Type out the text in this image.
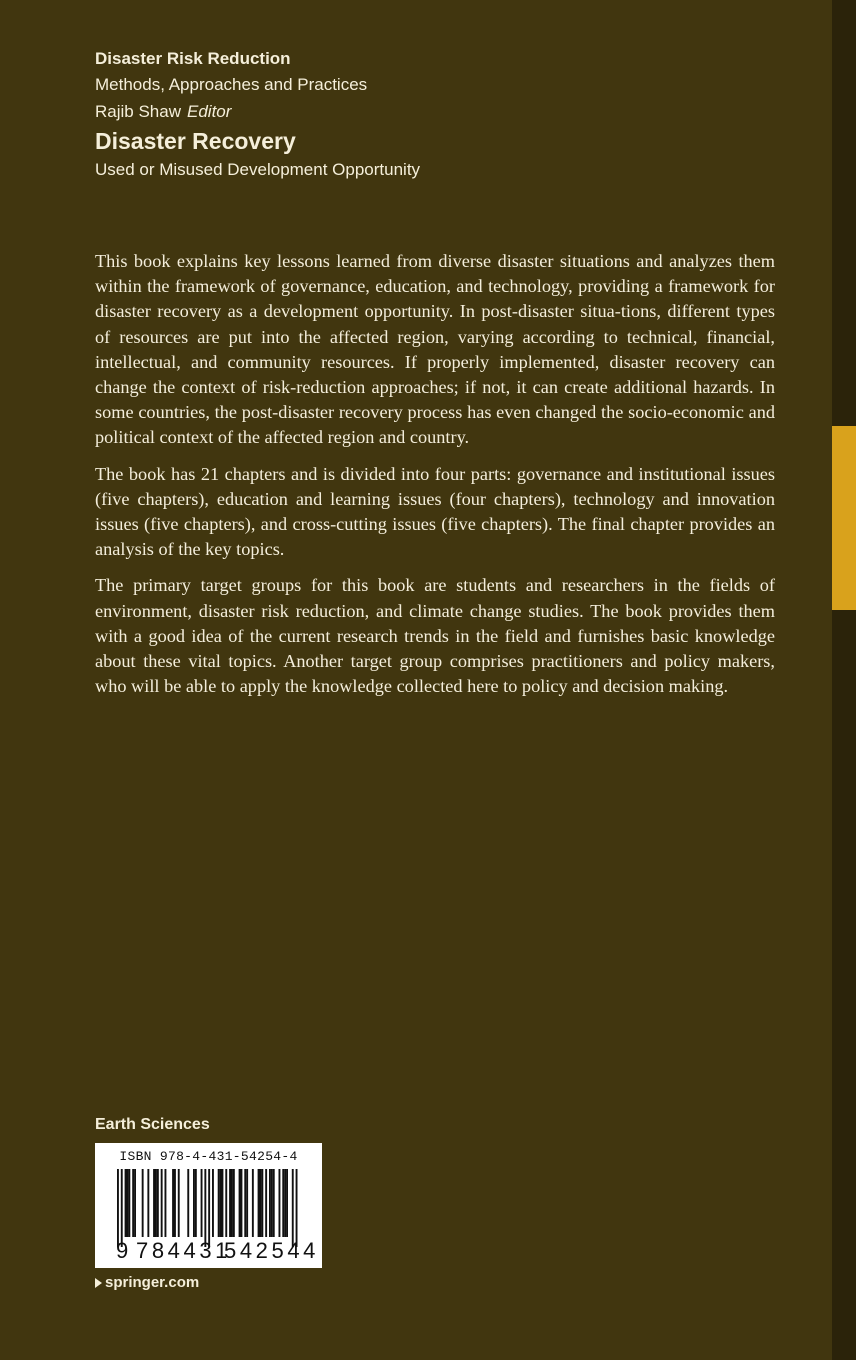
Disaster Risk Reduction
Methods, Approaches and Practices
Rajib Shaw Editor
Disaster Recovery
Used or Misused Development Opportunity

This book explains key lessons learned from diverse disaster situations and analyzes them within the framework of governance, education, and technology, providing a framework for disaster recovery as a development opportunity. In post-disaster situa-tions, different types of resources are put into the affected region, varying according to technical, financial, intellectual, and community resources. If properly implemented, disaster recovery can change the context of risk-reduction approaches; if not, it can create additional hazards. In some countries, the post-disaster recovery process has even changed the socio-economic and political context of the affected region and country.

The book has 21 chapters and is divided into four parts: governance and institutional issues (five chapters), education and learning issues (four chapters), technology and innovation issues (five chapters), and cross-cutting issues (five chapters). The final chapter provides an analysis of the key topics.

The primary target groups for this book are students and researchers in the fields of environment, disaster risk reduction, and climate change studies. The book provides them with a good idea of the current research trends in the field and furnishes basic knowledge about these vital topics. Another target group comprises practitioners and policy makers, who will be able to apply the knowledge collected here to policy and decision making.

Earth Sciences
ISBN 978-4-431-54254-4
9 784431
542544
springer.com
